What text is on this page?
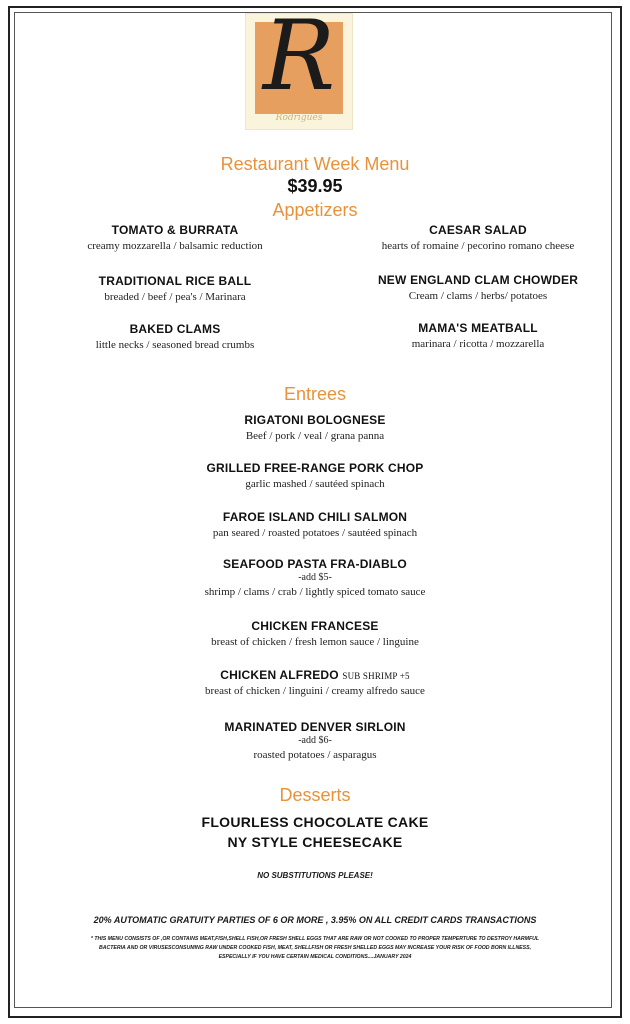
R
Rodrigues
Restaurant Week Menu
$39.95
Appetizers
TOMATO & BURRATA
creamy mozzarella / balsamic reduction
CAESAR SALAD
hearts of romaine / pecorino romano cheese
TRADITIONAL RICE BALL
breaded / beef / pea's / Marinara
NEW ENGLAND CLAM CHOWDER
Cream / clams / herbs/ potatoes
BAKED CLAMS
little necks / seasoned bread crumbs
MAMA'S MEATBALL
marinara / ricotta / mozzarella
Entrees
RIGATONI BOLOGNESE
Beef / pork / veal / grana panna
GRILLED FREE-RANGE PORK CHOP
garlic mashed / sautéed spinach
FAROE ISLAND CHILI SALMON
pan seared / roasted potatoes / sautéed spinach
SEAFOOD PASTA FRA-DIABLO
-add $5-
shrimp / clams / crab / lightly spiced tomato sauce
CHICKEN FRANCESE
breast of chicken / fresh lemon sauce / linguine
CHICKEN ALFREDO SUB SHRIMP +5
breast of chicken / linguini / creamy alfredo sauce
MARINATED DENVER SIRLOIN
-add $6-
roasted potatoes / asparagus
Desserts
FLOURLESS CHOCOLATE CAKE
NY STYLE CHEESECAKE
NO SUBSTITUTIONS PLEASE!
20% AUTOMATIC GRATUITY PARTIES OF 6 OR MORE , 3.95% ON ALL CREDIT CARDS TRANSACTIONS
* THIS MENU CONSISTS OF ,OR CONTAINS MEAT,FISH,SHELL FISH,OR FRESH SHELL EGGS THAT ARE RAW OR NOT COOKED TO PROPER TEMPERTURE TO DESTROY HARMFUL BACTERIA AND OR VIRUSESCONSUMING RAW UNDER COOKED FISH, MEAT, SHELLFISH OR FRESH SHELLED EGGS MAY INCREASE YOUR RISK OF FOOD BORN ILLNESS, ESPECIALLY IF YOU HAVE CERTAIN MEDICAL CONDITIONS....JANUARY 2024
